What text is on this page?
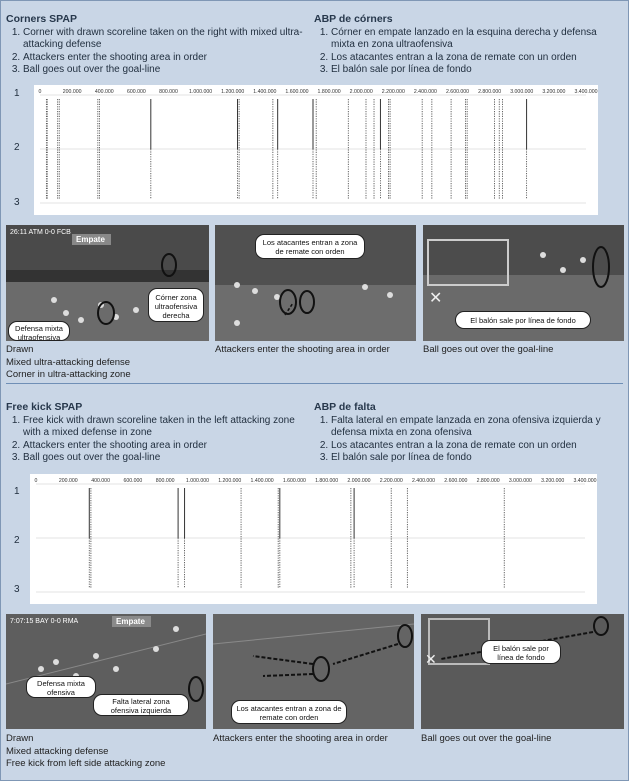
Corners SPAP
1. Corner with drawn scoreline taken on the right with mixed ultra-attacking defense
2. Attackers enter the shooting area in order
3. Ball goes out over the goal-line
ABP de córners
1. Córner en empate lanzado en la esquina derecha y defensa mixta en zona ultraofensiva
2. Los atacantes entran a la zona de remate con un orden
3. El balón sale por línea de fondo
1
2
3
0	200.000	400.000	600.000	800.000 1.000.000 1.200.000 1.400.000 1.600.000 1.800.000 2.000.000 2.200.000 2.400.000 2.600.000 2.800.000 3.000.000 3.200.000 3.400.000
26:11 ATM 0-0 FCB
Empate
Córner zona ultraofensiva derecha
Defensa mixta ultraofensiva
Los atacantes entran a zona de remate con orden
✕
El balón sale por línea de fondo
Drawn
Mixed ultra-attacking defense
Corner in ultra-attacking zone
Attackers enter the shooting area in order	Ball goes out over the goal-line
Free kick SPAP
1. Free kick with drawn scoreline taken in the left attacking zone with a mixed defense in zone
2. Attackers enter the shooting area in order
3. Ball goes out over the goal-line
ABP de falta
1. Falta lateral en empate lanzada en zona ofensiva izquierda y defensa mixta en zona ofensiva
2. Los atacantes entran a la zona de remate con un orden
3. El balón sale por línea de fondo
1
2
3
0	200.000	400.000	600.000	800.000 1.000.000 1.200.000 1.400.000 1.600.000 1.800.000 2.000.000 2.200.000 2.400.000 2.600.000 2.800.000 3.000.000 3.200.000 3.400.000
7:07:15 BAY 0-0 RMA	Empate
Defensa mixta ofensiva
Falta lateral zona ofensiva izquierda	Los atacantes entran a zona de remate con orden
✕
El balón sale por línea de fondo
Drawn
Mixed attacking defense
Free kick from left side attacking zone
Attackers enter the shooting area in order	Ball goes out over the goal-line
